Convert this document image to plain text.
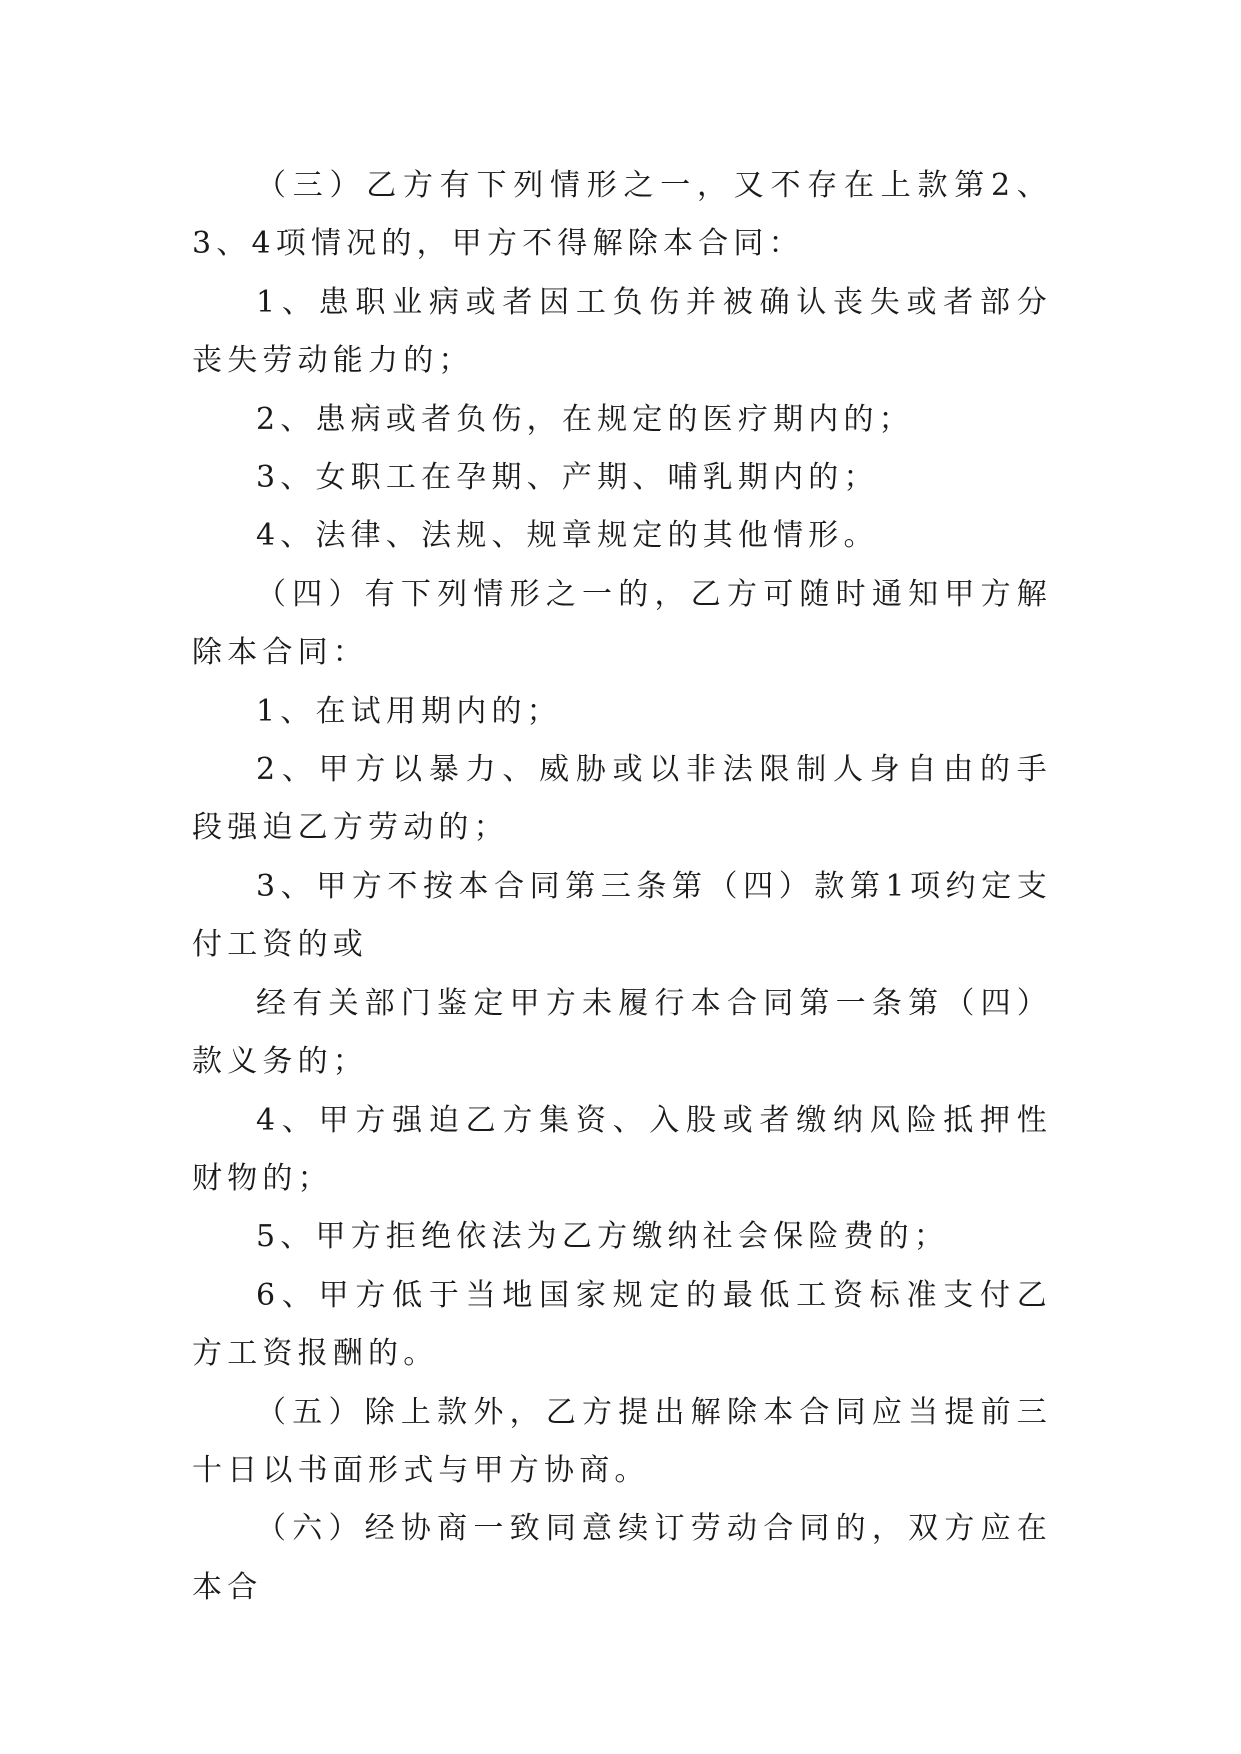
（三）乙方有下列情形之一，又不存在上款第2、3、4项情况的，甲方不得解除本合同：

1、患职业病或者因工负伤并被确认丧失或者部分丧失劳动能力的；

2、患病或者负伤，在规定的医疗期内的；

3、女职工在孕期、产期、哺乳期内的；

4、法律、法规、规章规定的其他情形。

（四）有下列情形之一的，乙方可随时通知甲方解除本合同：

1、在试用期内的；

2、甲方以暴力、威胁或以非法限制人身自由的手段强迫乙方劳动的；

3、甲方不按本合同第三条第（四）款第1项约定支付工资的或

经有关部门鉴定甲方未履行本合同第一条第（四）款义务的；

4、甲方强迫乙方集资、入股或者缴纳风险抵押性财物的；

5、甲方拒绝依法为乙方缴纳社会保险费的；

6、甲方低于当地国家规定的最低工资标准支付乙方工资报酬的。

（五）除上款外，乙方提出解除本合同应当提前三十日以书面形式与甲方协商。

（六）经协商一致同意续订劳动合同的，双方应在本合
